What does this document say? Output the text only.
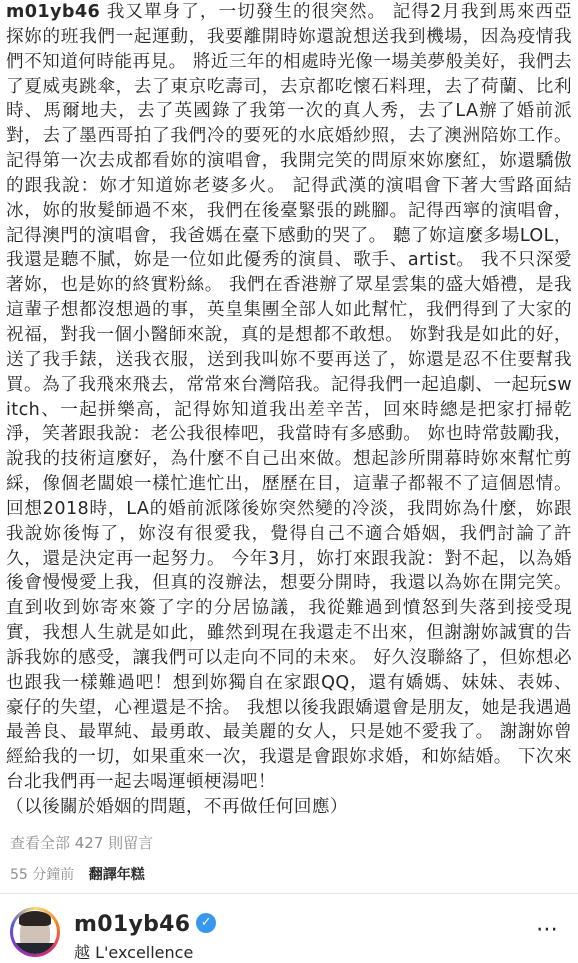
m01yb46 我又單身了，一切發生的很突然。 記得2月我到馬來西亞探妳的班我們一起運動，我要離開時妳還說想送我到機場，因為疫情我們不知道何時能再見。 將近三年的相處時光像一場美夢般美好，我們去了夏威夷跳傘，去了東京吃壽司，去京都吃懷石料理，去了荷蘭、比利時、馬爾地夫，去了英國錄了我第一次的真人秀，去了LA辦了婚前派對，去了墨西哥拍了我們冷的要死的水底婚紗照，去了澳洲陪妳工作。 記得第一次去成都看妳的演唱會，我開完笑的問原來妳麼紅，妳還驕傲的跟我說：妳才知道妳老婆多火。 記得武漢的演唱會下著大雪路面結冰，妳的妝髮師過不來，我們在後臺緊張的跳腳。記得西寧的演唱會，記得澳門的演唱會，我爸媽在臺下感動的哭了。 聽了妳這麼多場LOL，我還是聽不膩，妳是一位如此優秀的演員、歌手、artist。 我不只深愛著妳，也是妳的終實粉絲。 我們在香港辦了眾星雲集的盛大婚禮，是我這輩子想都沒想過的事，英皇集團全部人如此幫忙，我們得到了大家的祝福，對我一個小醫師來說，真的是想都不敢想。 妳對我是如此的好，送了我手錶，送我衣服，送到我叫妳不要再送了，妳還是忍不住要幫我買。為了我飛來飛去，常常來台灣陪我。記得我們一起追劇、一起玩switch、一起拼樂高，記得妳知道我出差辛苦，回來時總是把家打掃乾淨，笑著跟我說：老公我很棒吧，我當時有多感動。 妳也時常鼓勵我，說我的技術這麼好，為什麼不自己出來做。想起診所開幕時妳來幫忙剪綵，像個老闆娘一樣忙進忙出，歷歷在目，這輩子都報不了這個恩情。 回想2018時，LA的婚前派隊後妳突然變的冷淡，我問妳為什麼，妳跟我說妳後悔了，妳沒有很愛我，覺得自己不適合婚姻，我們討論了許久，還是決定再一起努力。 今年3月，妳打來跟我說：對不起，以為婚後會慢慢愛上我，但真的沒辦法，想要分開時，我還以為妳在開完笑。 直到收到妳寄來簽了字的分居協議，我從難過到憤怒到失落到接受現實，我想人生就是如此，雖然到現在我還走不出來，但謝謝妳誠實的告訴我妳的感受，讓我們可以走向不同的未來。 好久沒聯絡了，但妳想必也跟我一樣難過吧！想到妳獨自在家跟QQ，還有嬌媽、妹妹、表姊、豪仔的失望，心裡還是不捨。 我想以後我跟嬌還會是朋友，她是我遇過最善良、最單純、最勇敢、最美麗的女人，只是她不愛我了。 謝謝妳曾經給我的一切，如果重來一次，我還是會跟妳求婚，和妳結婚。 下次來台北我們再一起去喝運頓梗湯吧！
（以後關於婚姻的問題，不再做任何回應）
查看全部 427 則留言
55 分鐘前 翻譯年糕
m01yb46 ✓
越 L'excellence
⋯
